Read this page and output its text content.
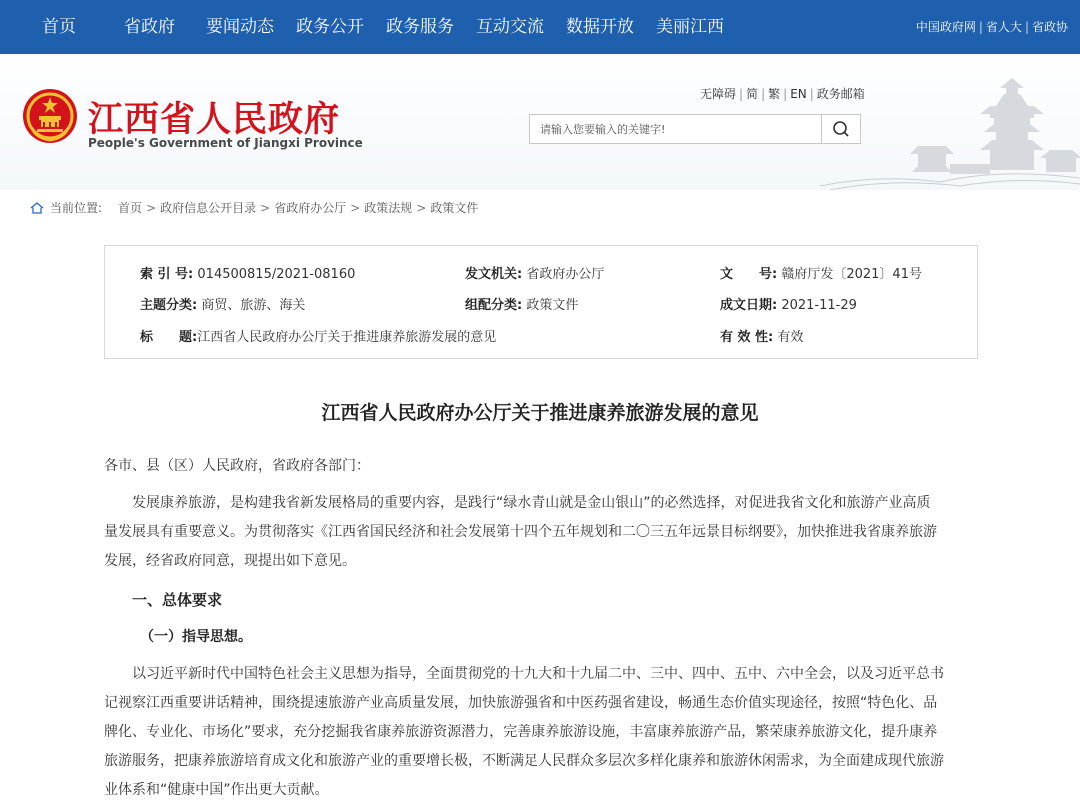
首页	省政府 要闻动态 政务公开 政务服务 互动交流 数据开放 美丽江西	中国政府网 | 省人大 | 省政协
江西省人民政府
People's Government of Jiangxi Province
无障碍 | 简 | 繁 | EN | 政务邮箱
请输入您要输入的关键字!
当前位置: 首页 > 政府信息公开目录 > 省政府办公厅 > 政策法规 > 政策文件
索 引 号: 014500815/2021-08160	发文机关: 省政府办公厅	文　　号: 赣府厅发〔2021〕41号
主题分类: 商贸、旅游、海关	组配分类: 政策文件	成文日期: 2021-11-29
标　　题:江西省人民政府办公厅关于推进康养旅游发展的意见	有 效 性: 有效
江西省人民政府办公厅关于推进康养旅游发展的意见
各市、县（区）人民政府，省政府各部门：
　　发展康养旅游，是构建我省新发展格局的重要内容，是践行“绿水青山就是金山银山”的必然选择，对促进我省文化和旅游产业高质
量发展具有重要意义。为贯彻落实《江西省国民经济和社会发展第十四个五年规划和二〇三五年远景目标纲要》，加快推进我省康养旅游
发展，经省政府同意，现提出如下意见。
一、总体要求
（一）指导思想。
　　以习近平新时代中国特色社会主义思想为指导，全面贯彻党的十九大和十九届二中、三中、四中、五中、六中全会，以及习近平总书
记视察江西重要讲话精神，围绕提速旅游产业高质量发展，加快旅游强省和中医药强省建设，畅通生态价值实现途径，按照“特色化、品
牌化、专业化、市场化”要求，充分挖掘我省康养旅游资源潜力，完善康养旅游设施，丰富康养旅游产品，繁荣康养旅游文化，提升康养
旅游服务，把康养旅游培育成文化和旅游产业的重要增长极，不断满足人民群众多层次多样化康养和旅游休闲需求，为全面建成现代旅游
业体系和“健康中国”作出更大贡献。
